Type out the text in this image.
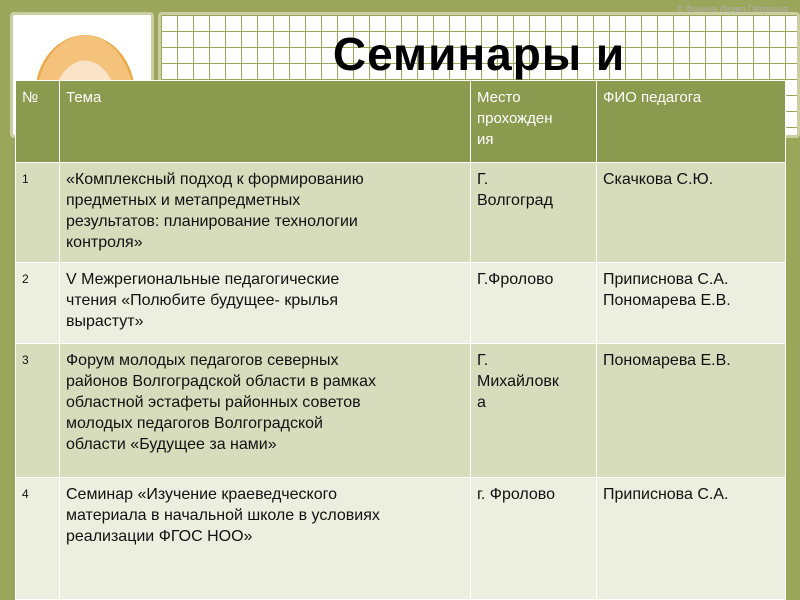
© Фокина Лидия Петровна
Семинары и
№	Тема	Место
прохожден
ия	ФИО педагога
1	«Комплексный подход к формированию
предметных и метапредметных
результатов: планирование технологии
контроля»	Г.
Волгоград	Скачкова С.Ю.
2	V Межрегиональные педагогические
чтения «Полюбите будущее- крылья
вырастут»	Г.Фролово	Приписнова С.А.
Пономарева Е.В.
3	Форум молодых педагогов северных
районов Волгоградской области в рамках
областной эстафеты районных советов
молодых педагогов Волгоградской
области «Будущее за нами»	Г.
Михайловк
а	Пономарева Е.В.
4	Семинар «Изучение краеведческого
материала в начальной школе в условиях
реализации ФГОС НОО»	г. Фролово	Приписнова С.А.
